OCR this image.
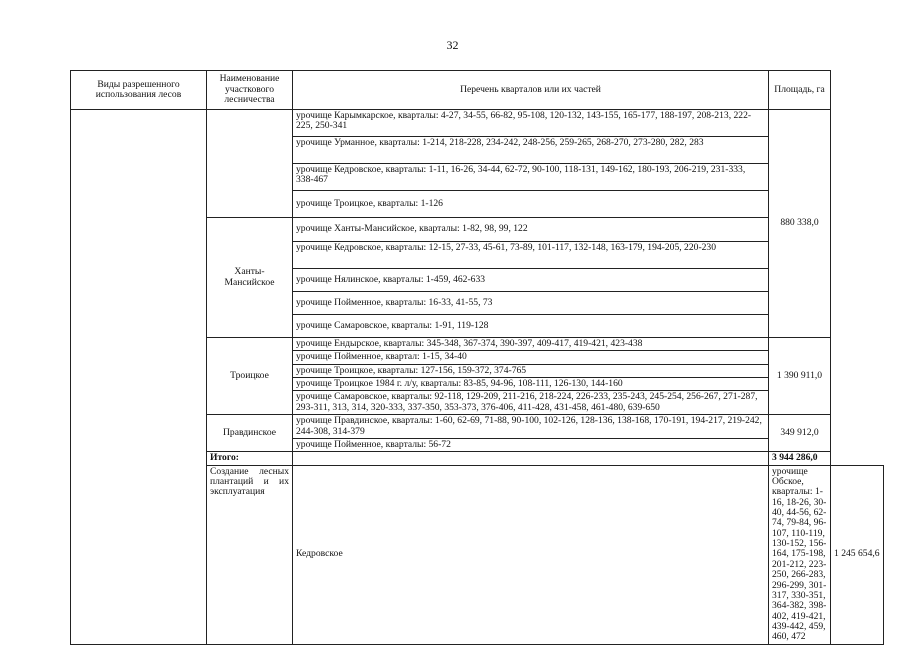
32
Виды разрешенного использования лесов	Наименование участкового лесничества	Перечень кварталов или их частей	Площадь, га	
		урочище Карымкарское, кварталы: 4-27, 34-55, 66-82, 95-108, 120-132, 143-155, 165-177, 188-197, 208-213, 222-225, 250-341	880 338,0	
		урочище Урманное, кварталы: 1-214, 218-228, 234-242, 248-256, 259-265, 268-270, 273-280, 282, 283		
		урочище Кедровское, кварталы: 1-11, 16-26, 34-44, 62-72, 90-100, 118-131, 149-162, 180-193, 206-219, 231-333, 338-467		
		урочище Троицкое, кварталы: 1-126		
	Ханты-Мансийское	урочище Ханты-Мансийское, кварталы: 1-82, 98, 99, 122		
		урочище Кедровское, кварталы: 12-15, 27-33, 45-61, 73-89, 101-117, 132-148, 163-179, 194-205, 220-230		
		урочище Нялинское, кварталы: 1-459, 462-633		
		урочище Пойменное, кварталы: 16-33, 41-55, 73		
		урочище Самаровское, кварталы: 1-91, 119-128		
	Троицкое	урочище Ендырское, кварталы: 345-348, 367-374, 390-397, 409-417, 419-421, 423-438	1 390 911,0	
		урочище Пойменное, квартал: 1-15, 34-40		
		урочище Троицкое, кварталы: 127-156, 159-372, 374-765		
		урочище Троицкое 1984 г. л/у, кварталы: 83-85, 94-96, 108-111, 126-130, 144-160		
		урочище Самаровское, кварталы: 92-118, 129-209, 211-216, 218-224, 226-233, 235-243, 245-254, 256-267, 271-287, 293-311, 313, 314, 320-333, 337-350, 353-373, 376-406, 411-428, 431-458, 461-480, 639-650		
	Правдинское	урочище Правдинское, кварталы: 1-60, 62-69, 71-88, 90-100, 102-126, 128-136, 138-168, 170-191, 194-217, 219-242, 244-308, 314-379	349 912,0	
		урочище Пойменное, кварталы: 56-72		
	Итого:		3 944 286,0	
	Создание лесных плантаций и их эксплуатация	Кедровское	урочище Обское, кварталы: 1-16, 18-26, 30-40, 44-56, 62-74, 79-84, 96-107, 110-119, 130-152, 156-164, 175-198, 201-212, 223-250, 266-283, 296-299, 301-317, 330-351, 364-382, 398-402, 419-421, 439-442, 459, 460, 472	1 245 654,6
